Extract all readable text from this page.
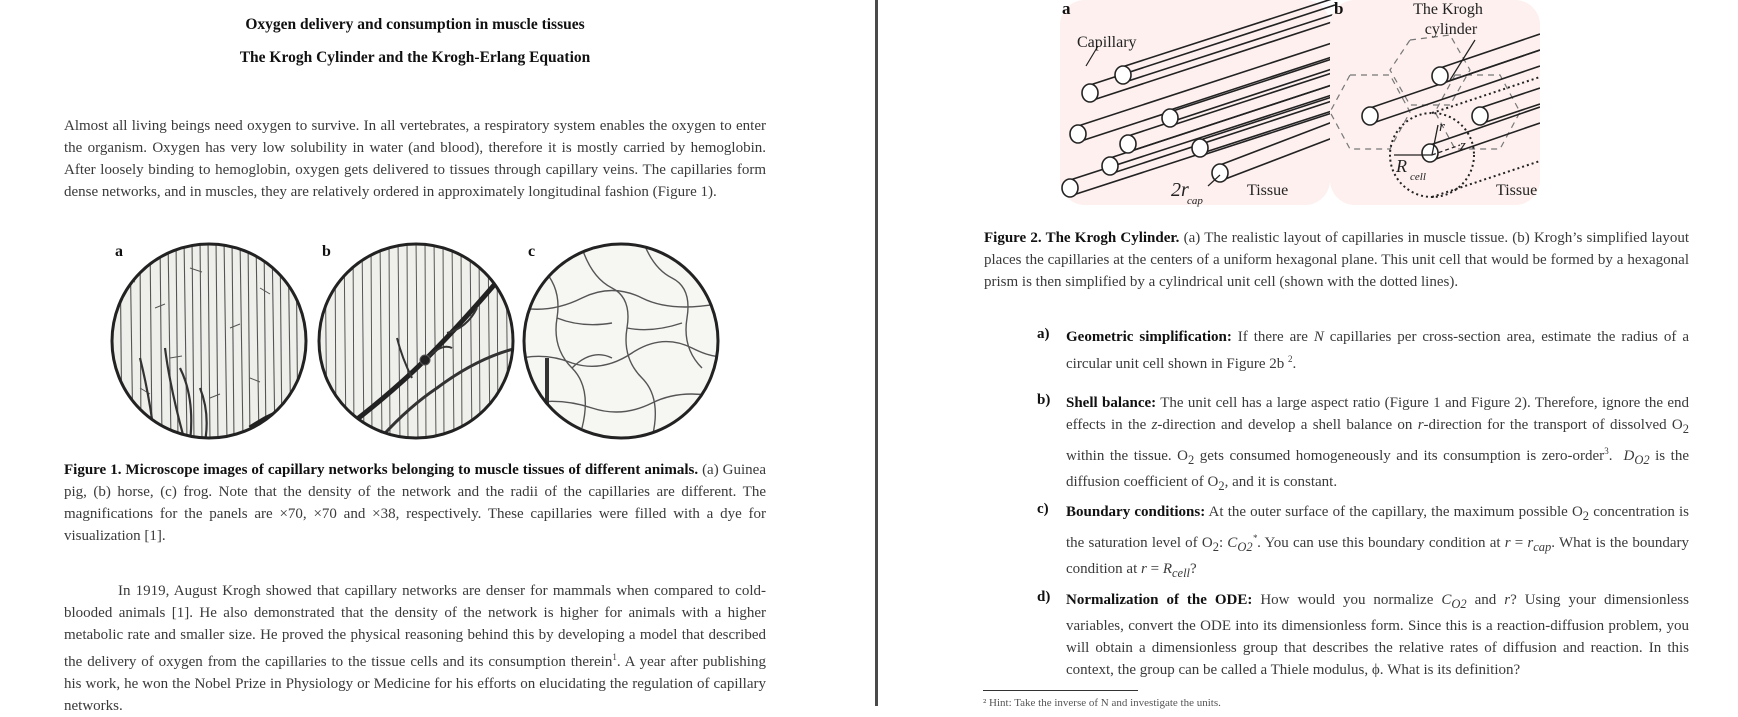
Oxygen delivery and consumption in muscle tissues
The Krogh Cylinder and the Krogh-Erlang Equation
Almost all living beings need oxygen to survive. In all vertebrates, a respiratory system enables the oxygen to enter the organism. Oxygen has very low solubility in water (and blood), therefore it is mostly carried by hemoglobin. After loosely binding to hemoglobin, oxygen gets delivered to tissues through capillary veins. The capillaries form dense networks, and in muscles, they are relatively ordered in approximately longitudinal fashion (Figure 1).
a	b	c
Figure 1. Microscope images of capillary networks belonging to muscle tissues of different animals. (a) Guinea pig, (b) horse, (c) frog. Note that the density of the network and the radii of the capillaries are different. The magnifications for the panels are ×70, ×70 and ×38, respectively. These capillaries were filled with a dye for visualization [1].
In 1919, August Krogh showed that capillary networks are denser for mammals when compared to cold-blooded animals [1]. He also demonstrated that the density of the network is higher for animals with a higher metabolic rate and smaller size. He proved the physical reasoning behind this by developing a model that described the delivery of oxygen from the capillaries to the tissue cells and its consumption therein$^1$. A year after publishing his work, he won the Nobel Prize in Physiology or Medicine for his efforts on elucidating the regulation of capillary networks.
a
Capillary
2r
cap
Tissue
b	The Krogh
cylinder
r
z
R
cell
Tissue
Figure 2. The Krogh Cylinder. (a) The realistic layout of capillaries in muscle tissue. (b) Krogh’s simplified layout places the capillaries at the centers of a uniform hexagonal plane. This unit cell that would be formed by a hexagonal prism is then simplified by a cylindrical unit cell (shown with the dotted lines).
a) Geometric simplification: If there are N capillaries per cross-section area, estimate the radius of a circular unit cell shown in Figure 2b $^2$.
b) Shell balance: The unit cell has a large aspect ratio (Figure 1 and Figure 2). Therefore, ignore the end effects in the z-direction and develop a shell balance on r-direction for the transport of dissolved $O_2$ within the tissue. $O_2$ gets consumed homogeneously and its consumption is zero-order$^3$.  $D_{O2}$ is the diffusion coefficient of $O_2$, and it is constant.
c) Boundary conditions: At the outer surface of the capillary, the maximum possible $O_2$ concentration is the saturation level of $O_2$: $C_{O2}^*$. You can use this boundary condition at $r = r_{cap}$. What is the boundary condition at $r = R_{cell}$?
d) Normalization of the ODE: How would you normalize $C_{O2}$ and r? Using your dimensionless variables, convert the ODE into its dimensionless form. Since this is a reaction-diffusion problem, you will obtain a dimensionless group that describes the relative rates of diffusion and reaction. In this context, the group can be called a Thiele modulus, ϕ. What is its definition?
² Hint: Take the inverse of N and investigate the units.
